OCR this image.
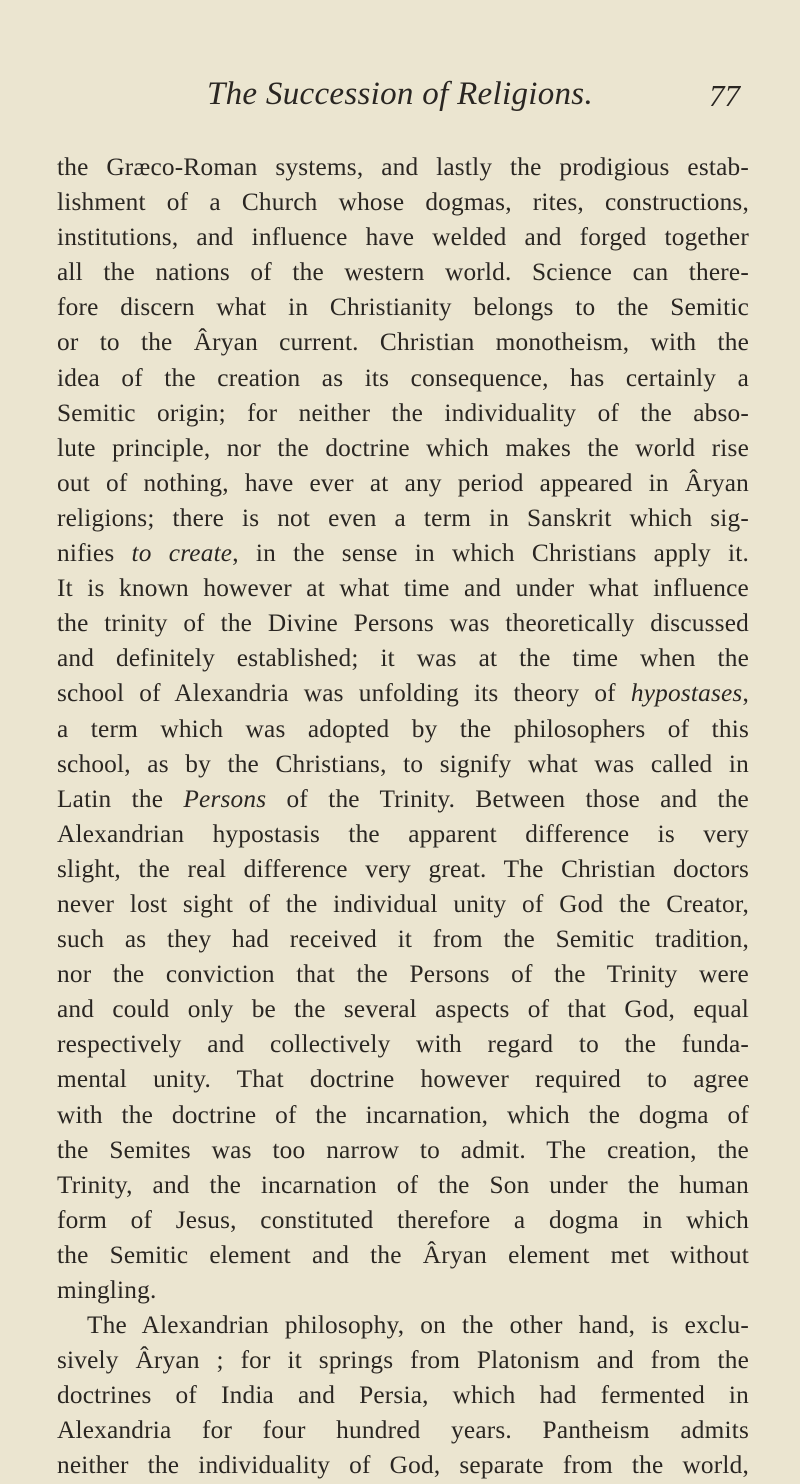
The Succession of Religions.	77
the Græco-Roman systems, and lastly the prodigious estab-
lishment of a Church whose dogmas, rites, constructions,
institutions, and influence have welded and forged together
all the nations of the western world. Science can there-
fore discern what in Christianity belongs to the Semitic
or to the Âryan current. Christian monotheism, with the
idea of the creation as its consequence, has certainly a
Semitic origin; for neither the individuality of the abso-
lute principle, nor the doctrine which makes the world rise
out of nothing, have ever at any period appeared in Âryan
religions; there is not even a term in Sanskrit which sig-
nifies to create, in the sense in which Christians apply it.
It is known however at what time and under what influence
the trinity of the Divine Persons was theoretically discussed
and definitely established; it was at the time when the
school of Alexandria was unfolding its theory of hypostases,
a term which was adopted by the philosophers of this
school, as by the Christians, to signify what was called in
Latin the Persons of the Trinity. Between those and the
Alexandrian hypostasis the apparent difference is very
slight, the real difference very great. The Christian doctors
never lost sight of the individual unity of God the Creator,
such as they had received it from the Semitic tradition,
nor the conviction that the Persons of the Trinity were
and could only be the several aspects of that God, equal
respectively and collectively with regard to the funda-
mental unity. That doctrine however required to agree
with the doctrine of the incarnation, which the dogma of
the Semites was too narrow to admit. The creation, the
Trinity, and the incarnation of the Son under the human
form of Jesus, constituted therefore a dogma in which
the Semitic element and the Âryan element met without
mingling.
The Alexandrian philosophy, on the other hand, is exclu-
sively Âryan ; for it springs from Platonism and from the
doctrines of India and Persia, which had fermented in
Alexandria for four hundred years. Pantheism admits
neither the individuality of God, separate from the world,
